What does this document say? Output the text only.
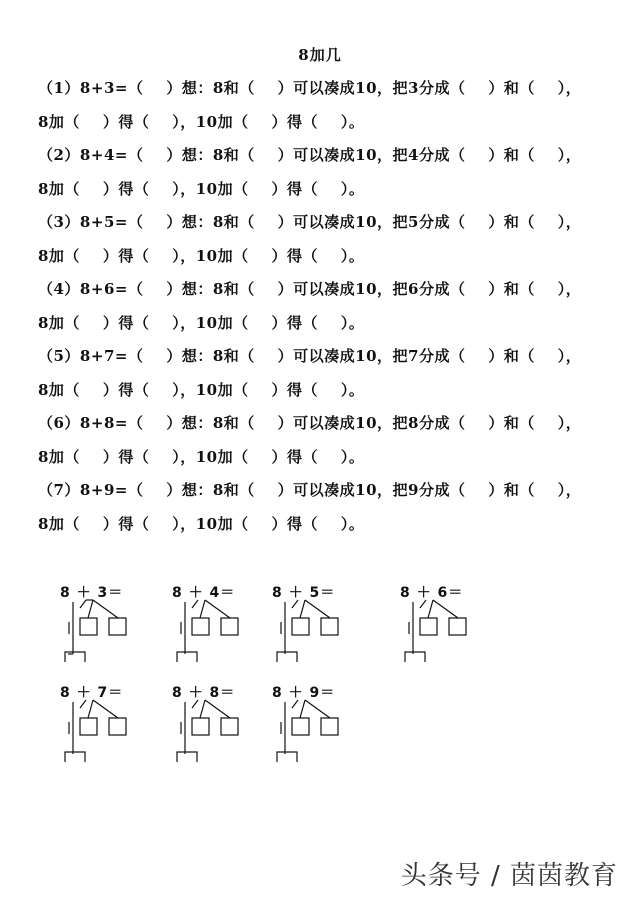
8加几
（1）8+3=（    ）想：8和（    ）可以凑成10，把3分成（    ）和（    ），
8加（    ）得（    ），10加（    ）得（    ）。
（2）8+4=（    ）想：8和（    ）可以凑成10，把4分成（    ）和（    ），
8加（    ）得（    ），10加（    ）得（    ）。
（3）8+5=（    ）想：8和（    ）可以凑成10，把5分成（    ）和（    ），
8加（    ）得（    ），10加（    ）得（    ）。
（4）8+6=（    ）想：8和（    ）可以凑成10，把6分成（    ）和（    ），
8加（    ）得（    ），10加（    ）得（    ）。
（5）8+7=（    ）想：8和（    ）可以凑成10，把7分成（    ）和（    ），
8加（    ）得（    ），10加（    ）得（    ）。
（6）8+8=（    ）想：8和（    ）可以凑成10，把8分成（    ）和（    ），
8加（    ）得（    ），10加（    ）得（    ）。
（7）8+9=（    ）想：8和（    ）可以凑成10，把9分成（    ）和（    ），
8加（    ）得（    ），10加（    ）得（    ）。
8 ＋ 3＝	8 ＋ 4＝	8 ＋ 5＝	8 ＋ 6＝
8 ＋ 7＝	8 ＋ 8＝	8 ＋ 9＝
头条号 / 茵茵教育
